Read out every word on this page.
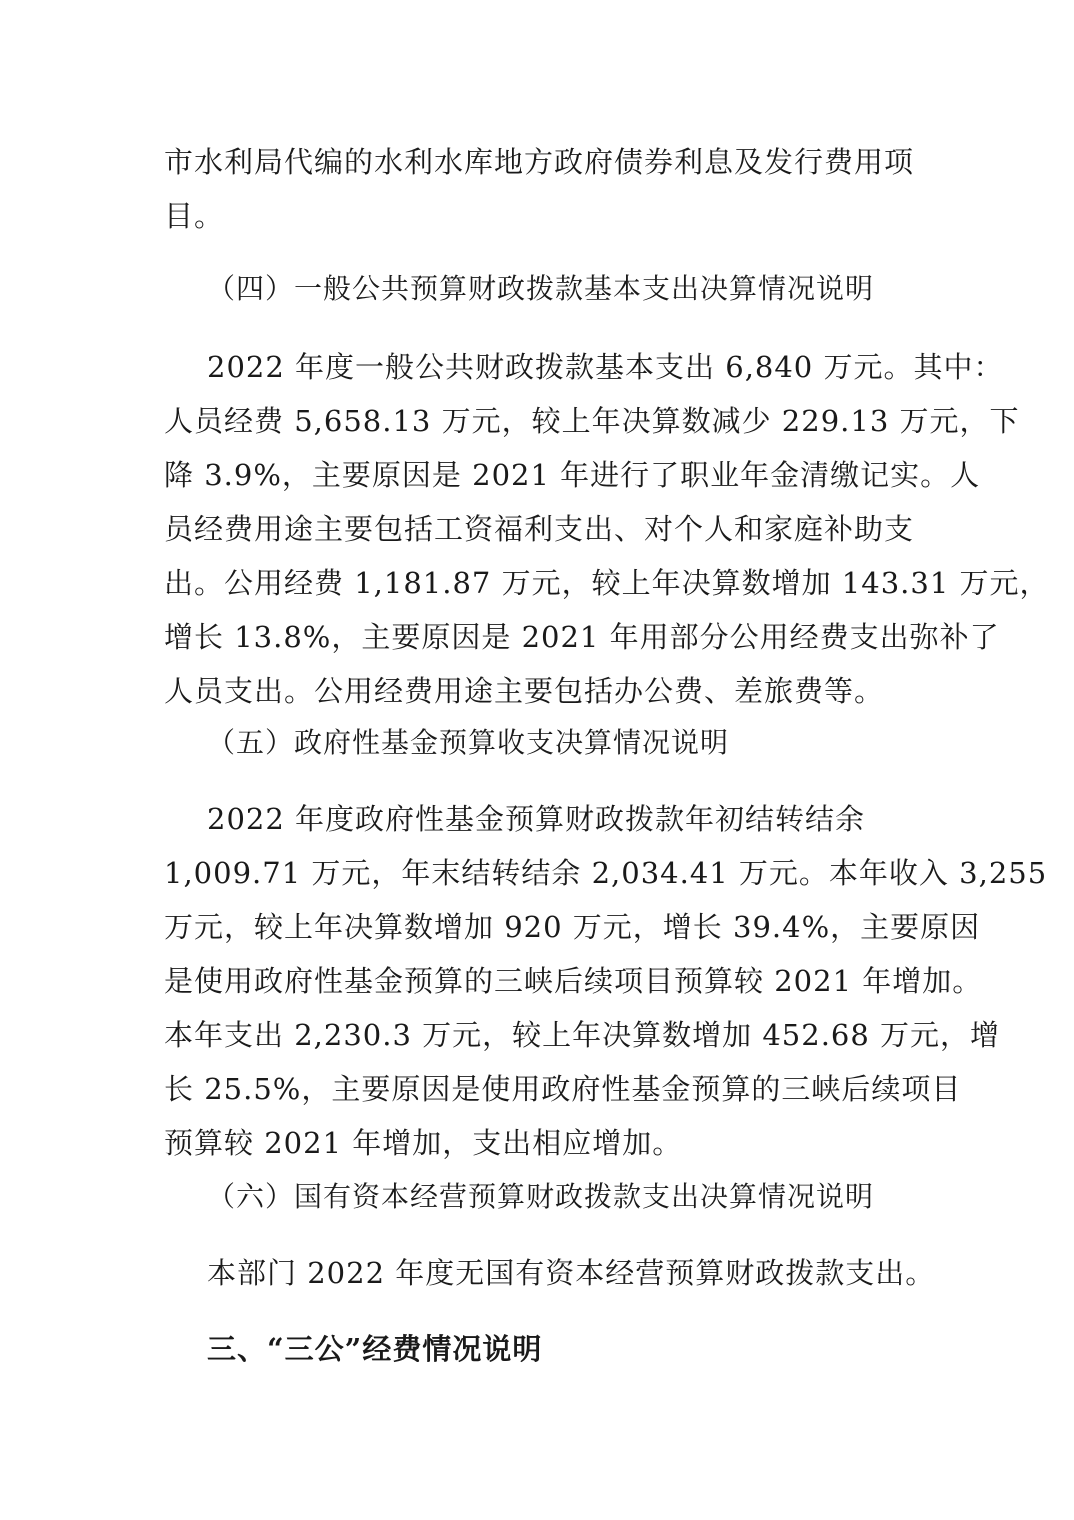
市水利局代编的水利水库地方政府债券利息及发行费用项
目。
（四）一般公共预算财政拨款基本支出决算情况说明
2022 年度一般公共财政拨款基本支出 6,840 万元。其中：
人员经费 5,658.13 万元，较上年决算数减少 229.13 万元，下
降 3.9%，主要原因是 2021 年进行了职业年金清缴记实。人
员经费用途主要包括工资福利支出、对个人和家庭补助支
出。公用经费 1,181.87 万元，较上年决算数增加 143.31 万元，
增长 13.8%，主要原因是 2021 年用部分公用经费支出弥补了
人员支出。公用经费用途主要包括办公费、差旅费等。
（五）政府性基金预算收支决算情况说明
2022 年度政府性基金预算财政拨款年初结转结余
1,009.71 万元，年末结转结余 2,034.41 万元。本年收入 3,255
万元，较上年决算数增加 920 万元，增长 39.4%，主要原因
是使用政府性基金预算的三峡后续项目预算较 2021 年增加。
本年支出 2,230.3 万元，较上年决算数增加 452.68 万元，增
长 25.5%，主要原因是使用政府性基金预算的三峡后续项目
预算较 2021 年增加，支出相应增加。
（六）国有资本经营预算财政拨款支出决算情况说明
本部门 2022 年度无国有资本经营预算财政拨款支出。
三、“三公”经费情况说明
